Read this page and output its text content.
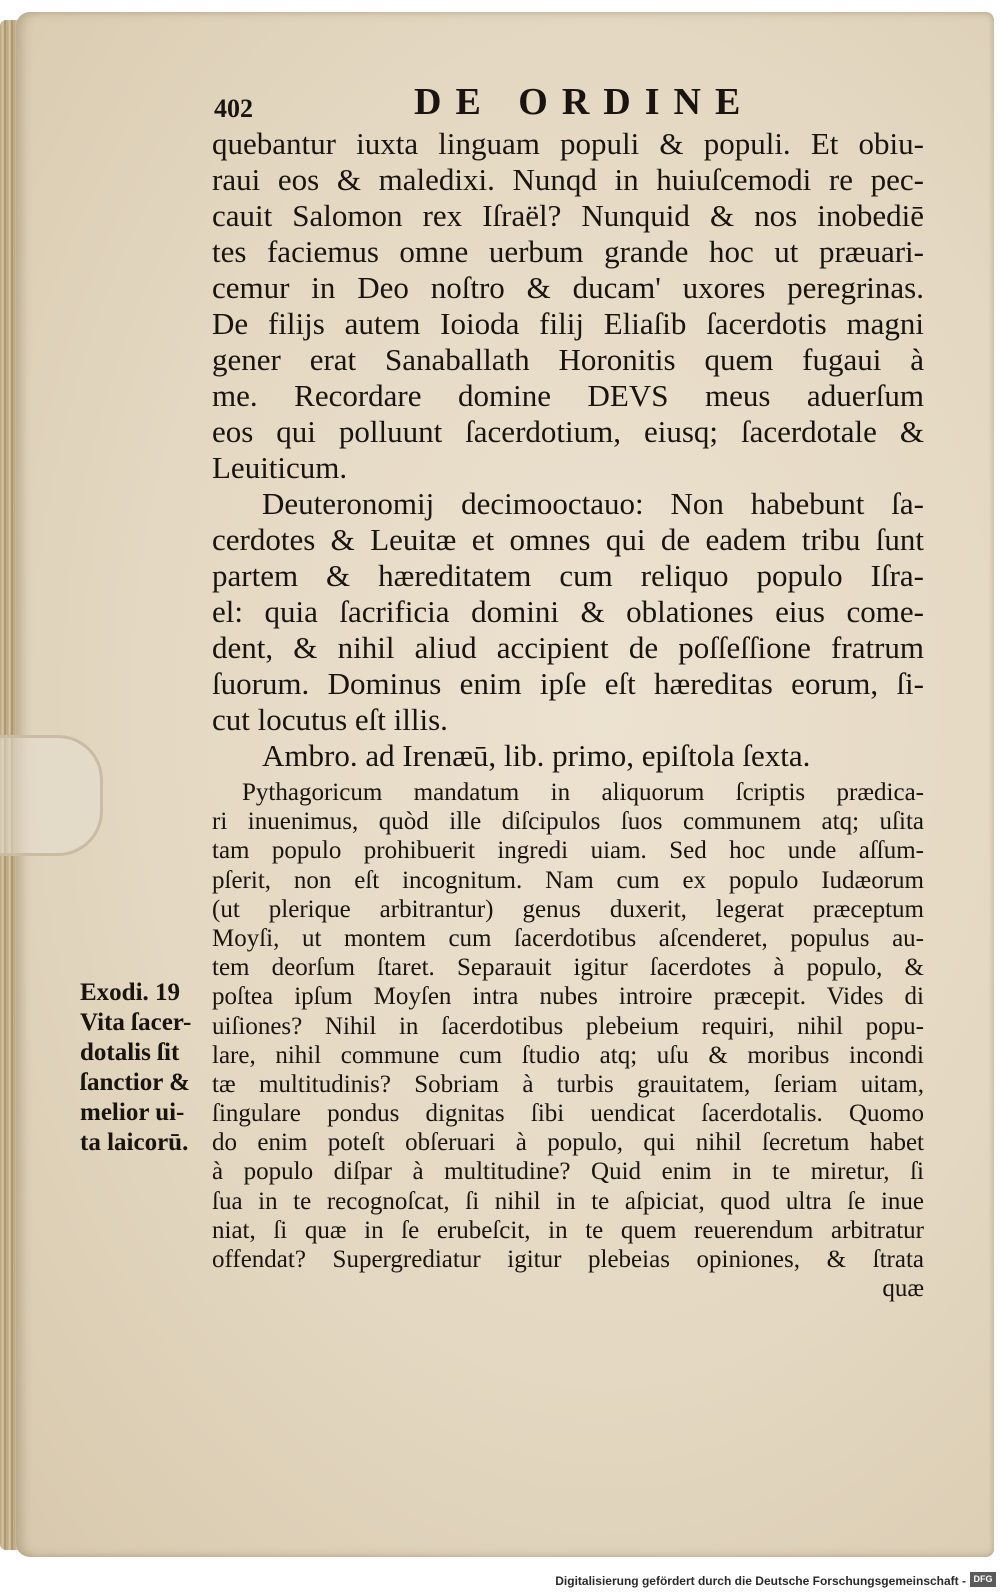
402	DE ORDINE
quebantur iuxta linguam populi & populi. Et obiu-
raui eos & maledixi. Nunqd in huiuſcemodi re pec-
cauit Salomon rex Iſraël? Nunquid & nos inobediē
tes faciemus omne uerbum grande hoc ut præuari-
cemur in Deo noſtro & ducam' uxores peregrinas.
De filijs autem Ioioda filij Eliaſib ſacerdotis magni
gener erat Sanaballath Horonitis quem fugaui à
me. Recordare domine DEVS meus aduerſum
eos qui polluunt ſacerdotium, eiusq; ſacerdotale &
Leuiticum.
Deuteronomij decimooctauo: Non habebunt ſa-
cerdotes & Leuitæ et omnes qui de eadem tribu ſunt
partem & hæreditatem cum reliquo populo Iſra-
el: quia ſacrificia domini & oblationes eius come-
dent, & nihil aliud accipient de poſſeſſione fratrum
ſuorum. Dominus enim ipſe eſt hæreditas eorum, ſi-
cut locutus eſt illis.
Ambro. ad Irenæū, lib. primo, epiſtola ſexta.
Pythagoricum mandatum in aliquorum ſcriptis prædica-
ri inuenimus, quòd ille diſcipulos ſuos communem atq; uſita
tam populo prohibuerit ingredi uiam. Sed hoc unde aſſum-
pſerit, non eſt incognitum. Nam cum ex populo Iudæorum
(ut plerique arbitrantur) genus duxerit, legerat præceptum
Moyſi, ut montem cum ſacerdotibus aſcenderet, populus au-
tem deorſum ſtaret. Separauit igitur ſacerdotes à populo, &
poſtea ipſum Moyſen intra nubes introire præcepit. Vides di
uiſiones? Nihil in ſacerdotibus plebeium requiri, nihil popu-
lare, nihil commune cum ſtudio atq; uſu & moribus incondi
tæ multitudinis? Sobriam à turbis grauitatem, ſeriam uitam,
ſingulare pondus dignitas ſibi uendicat ſacerdotalis. Quomo
do enim poteſt obſeruari à populo, qui nihil ſecretum habet
à populo diſpar à multitudine? Quid enim in te miretur, ſi
ſua in te recognoſcat, ſi nihil in te aſpiciat, quod ultra ſe inue
niat, ſi quæ in ſe erubeſcit, in te quem reuerendum arbitratur
offendat? Supergrediatur igitur plebeias opiniones, & ſtrata
quæ
Exodi. 19
Vita ſacer-
dotalis ſit
ſanctior &
melior ui-
ta laicorū.
Digitalisierung gefördert durch die Deutsche Forschungsgemeinschaft - DFG
